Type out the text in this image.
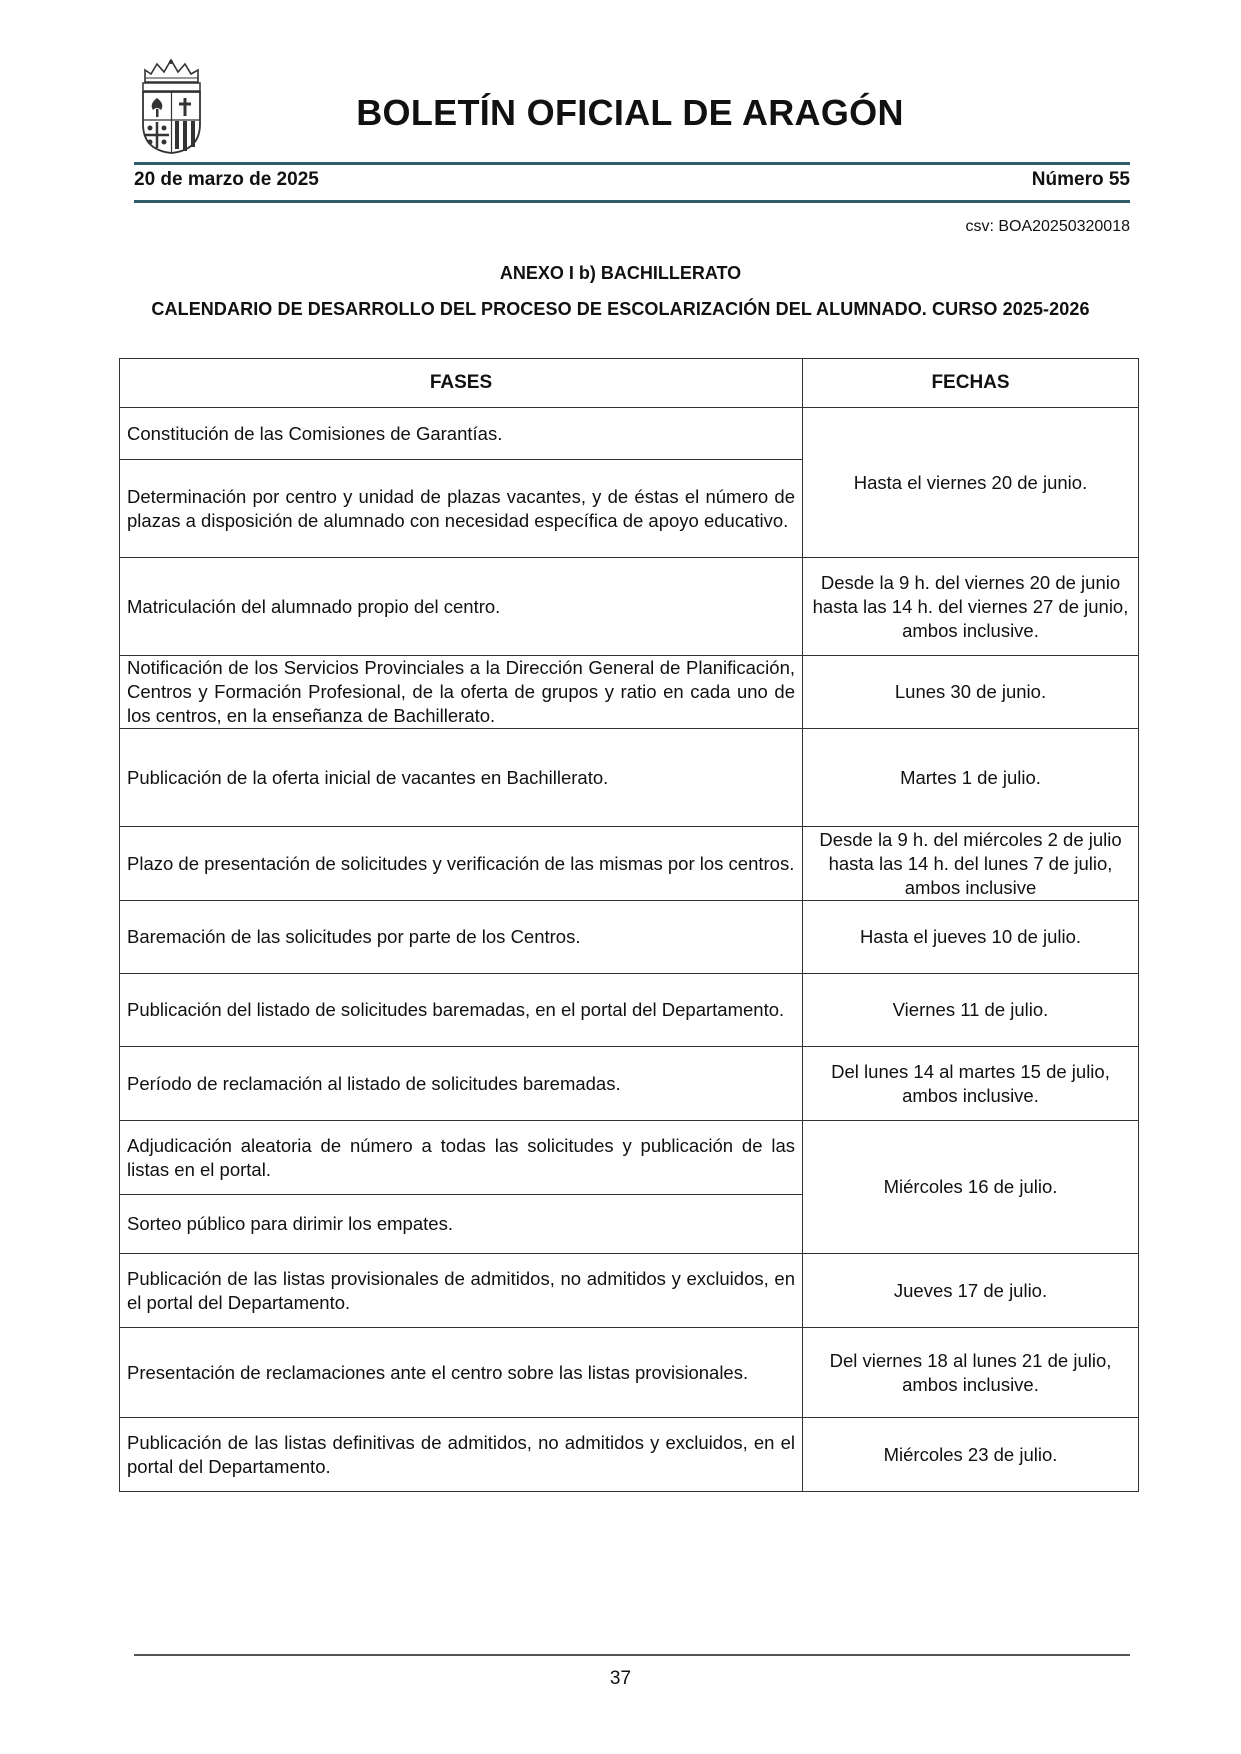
BOLETÍN OFICIAL DE ARAGÓN
20 de marzo de 2025	Número 55
csv: BOA20250320018
ANEXO I b) BACHILLERATO
CALENDARIO DE DESARROLLO DEL PROCESO DE ESCOLARIZACIÓN DEL ALUMNADO. CURSO 2025-2026
FASES	FECHAS
Constitución de las Comisiones de Garantías.	Hasta el viernes 20 de junio.
Determinación por centro y unidad de plazas vacantes, y de éstas el número de plazas a disposición de alumnado con necesidad específica de apoyo educativo.	
Matriculación del alumnado propio del centro.	Desde la 9 h. del viernes 20 de junio hasta las 14 h. del viernes 27 de junio, ambos inclusive.
Notificación de los Servicios Provinciales a la Dirección General de Planificación, Centros y Formación Profesional, de la oferta de grupos y ratio en cada uno de los centros, en la enseñanza de Bachillerato.	Lunes 30 de junio.
Publicación de la oferta inicial de vacantes en Bachillerato.	Martes 1 de julio.
Plazo de presentación de solicitudes y verificación de las mismas por los centros.	Desde la 9 h. del miércoles 2 de julio hasta las 14 h. del lunes 7 de julio, ambos inclusive
Baremación de las solicitudes por parte de los Centros.	Hasta el jueves 10 de julio.
Publicación del listado de solicitudes baremadas, en el portal del Departamento.	Viernes 11 de julio.
Período de reclamación al listado de solicitudes baremadas.	Del lunes 14 al martes 15 de julio, ambos inclusive.
Adjudicación aleatoria de número a todas las solicitudes y publicación de las listas en el portal.	Miércoles 16 de julio.
Sorteo público para dirimir los empates.	
Publicación de las listas provisionales de admitidos, no admitidos y excluidos, en el portal del Departamento.	Jueves 17 de julio.
Presentación de reclamaciones ante el centro sobre las listas provisionales.	Del viernes 18 al lunes 21 de julio, ambos inclusive.
Publicación de las listas definitivas de admitidos, no admitidos y excluidos, en el portal del Departamento.	Miércoles 23 de julio.
37
